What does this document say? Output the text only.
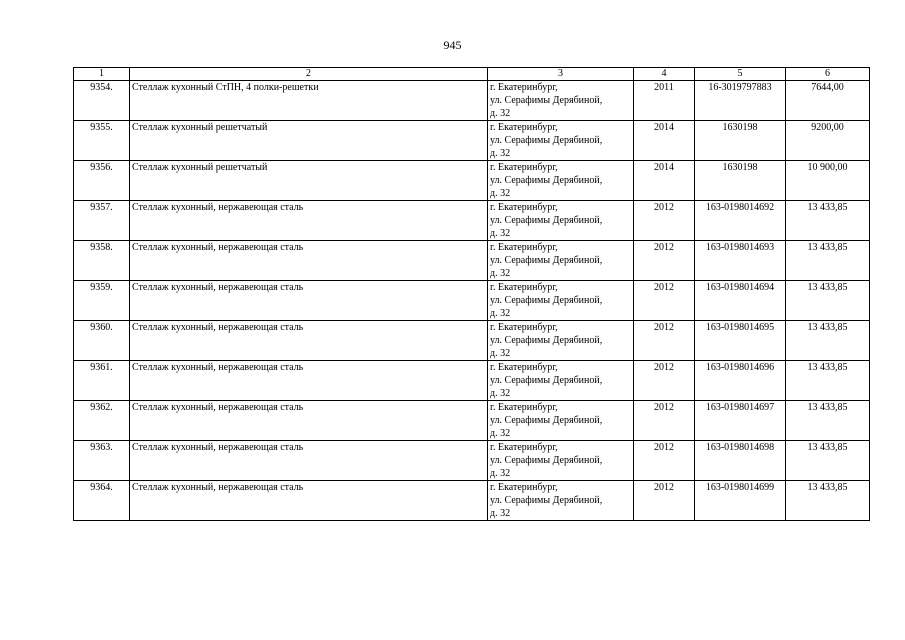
945
1	2	3	4	5	6
9354.	Стеллаж кухонный СтПН, 4 полки-решетки	г. Екатеринбург,
ул. Серафимы Дерябиной,
д. 32	2011	16-3019797883	7644,00
9355.	Стеллаж кухонный решетчатый	г. Екатеринбург,
ул. Серафимы Дерябиной,
д. 32	2014	1630198	9200,00
9356.	Стеллаж кухонный решетчатый	г. Екатеринбург,
ул. Серафимы Дерябиной,
д. 32	2014	1630198	10 900,00
9357.	Стеллаж кухонный, нержавеющая сталь	г. Екатеринбург,
ул. Серафимы Дерябиной,
д. 32	2012	163-0198014692	13 433,85
9358.	Стеллаж кухонный, нержавеющая сталь	г. Екатеринбург,
ул. Серафимы Дерябиной,
д. 32	2012	163-0198014693	13 433,85
9359.	Стеллаж кухонный, нержавеющая сталь	г. Екатеринбург,
ул. Серафимы Дерябиной,
д. 32	2012	163-0198014694	13 433,85
9360.	Стеллаж кухонный, нержавеющая сталь	г. Екатеринбург,
ул. Серафимы Дерябиной,
д. 32	2012	163-0198014695	13 433,85
9361.	Стеллаж кухонный, нержавеющая сталь	г. Екатеринбург,
ул. Серафимы Дерябиной,
д. 32	2012	163-0198014696	13 433,85
9362.	Стеллаж кухонный, нержавеющая сталь	г. Екатеринбург,
ул. Серафимы Дерябиной,
д. 32	2012	163-0198014697	13 433,85
9363.	Стеллаж кухонный, нержавеющая сталь	г. Екатеринбург,
ул. Серафимы Дерябиной,
д. 32	2012	163-0198014698	13 433,85
9364.	Стеллаж кухонный, нержавеющая сталь	г. Екатеринбург,
ул. Серафимы Дерябиной,
д. 32	2012	163-0198014699	13 433,85
